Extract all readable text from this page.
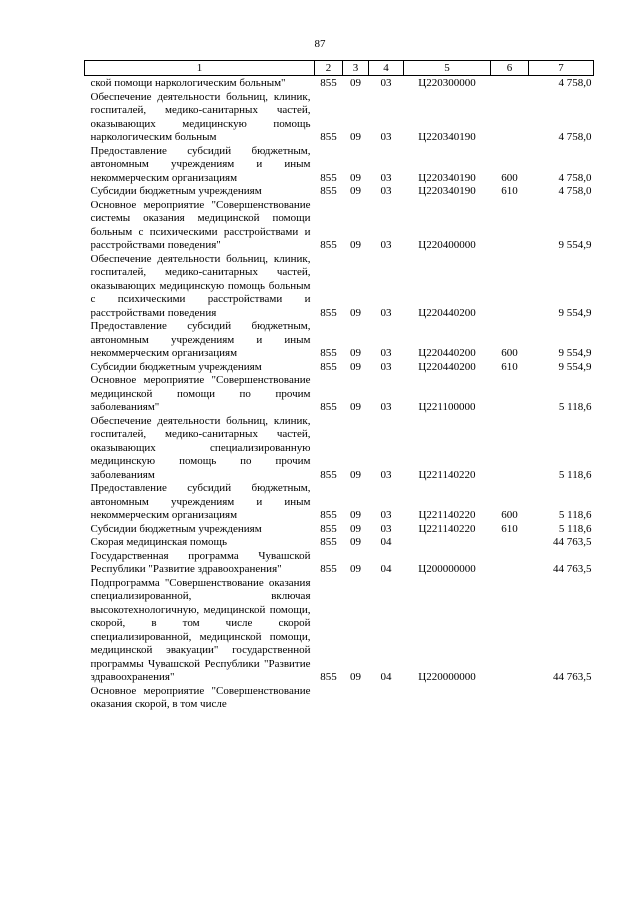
87
1	2	3	4	5	6	7
ской помощи наркологическим больным"	855	09	03	Ц220300000		4 758,0
Обеспечение деятельности больниц, клиник, госпиталей, медико-санитарных частей, оказывающих медицинскую помощь наркологическим больным	855	09	03	Ц220340190		4 758,0
Предоставление субсидий бюджетным, автономным учреждениям и иным некоммерческим организациям	855	09	03	Ц220340190	600	4 758,0
Субсидии бюджетным учреждениям	855	09	03	Ц220340190	610	4 758,0
Основное мероприятие "Совершенствование системы оказания медицинской помощи больным с психическими расстройствами и расстройствами поведения"	855	09	03	Ц220400000		9 554,9
Обеспечение деятельности больниц, клиник, госпиталей, медико-санитарных частей, оказывающих медицинскую помощь больным с психическими расстройствами и расстройствами поведения	855	09	03	Ц220440200		9 554,9
Предоставление субсидий бюджетным, автономным учреждениям и иным некоммерческим организациям	855	09	03	Ц220440200	600	9 554,9
Субсидии бюджетным учреждениям	855	09	03	Ц220440200	610	9 554,9
Основное мероприятие "Совершенствование медицинской помощи по прочим заболеваниям"	855	09	03	Ц221100000		5 118,6
Обеспечение деятельности больниц, клиник, госпиталей, медико-санитарных частей, оказывающих специализированную медицинскую помощь по прочим заболеваниям	855	09	03	Ц221140220		5 118,6
Предоставление субсидий бюджетным, автономным учреждениям и иным некоммерческим организациям	855	09	03	Ц221140220	600	5 118,6
Субсидии бюджетным учреждениям	855	09	03	Ц221140220	610	5 118,6
Скорая медицинская помощь	855	09	04			44 763,5
Государственная программа Чувашской Республики "Развитие здравоохранения"	855	09	04	Ц200000000		44 763,5
Подпрограмма "Совершенствование оказания специализированной, включая высокотехнологичную, медицинской помощи, скорой, в том числе скорой специализированной, медицинской помощи, медицинской эвакуации" государственной программы Чувашской Республики "Развитие здравоохранения"	855	09	04	Ц220000000		44 763,5
Основное мероприятие "Совершенствование оказания скорой, в том числе						
